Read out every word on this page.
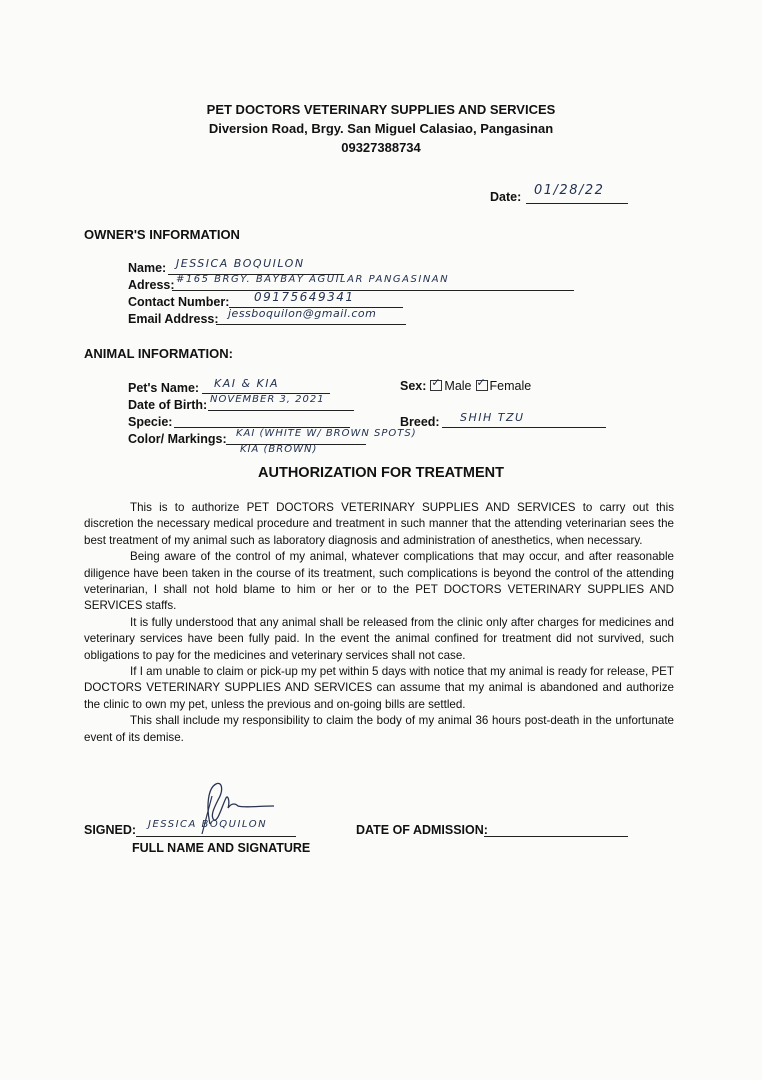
PET DOCTORS VETERINARY SUPPLIES AND SERVICES
Diversion Road, Brgy. San Miguel Calasiao, Pangasinan
09327388734
Date: 01/28/22
OWNER'S INFORMATION
Name: JESSICA BOQUILON
Adress: #165 BRGY. BAYBAY AGUILAR PANGASINAN
Contact Number: 09175649341
Email Address: jessboquilon@gmail.com
ANIMAL INFORMATION:
Pet's Name: KAI & KIA	Sex: ✓ Male ✓ Female
Date of Birth: NOVEMBER 3, 2021
Specie:	Breed: SHIH TZU
Color/ Markings: KAI (WHITE W/ BROWN SPOTS)
KIA (BROWN)
AUTHORIZATION FOR TREATMENT

This is to authorize PET DOCTORS VETERINARY SUPPLIES AND SERVICES to carry out this discretion the necessary medical procedure and treatment in such manner that the attending veterinarian sees the best treatment of my animal such as laboratory diagnosis and administration of anesthetics, when necessary.

Being aware of the control of my animal, whatever complications that may occur, and after reasonable diligence have been taken in the course of its treatment, such complications is beyond the control of the attending veterinarian, I shall not hold blame to him or her or to the PET DOCTORS VETERINARY SUPPLIES AND SERVICES staffs.

It is fully understood that any animal shall be released from the clinic only after charges for medicines and veterinary services have been fully paid. In the event the animal confined for treatment did not survived, such obligations to pay for the medicines and veterinary services shall not case.

If I am unable to claim or pick-up my pet within 5 days with notice that my animal is ready for release, PET DOCTORS VETERINARY SUPPLIES AND SERVICES can assume that my animal is abandoned and authorize the clinic to own my pet, unless the previous and on-going bills are settled.

This shall include my responsibility to claim the body of my animal 36 hours post-death in the unfortunate event of its demise.

SIGNED: JESSICA BOQUILON
FULL NAME AND SIGNATURE
DATE OF ADMISSION:
